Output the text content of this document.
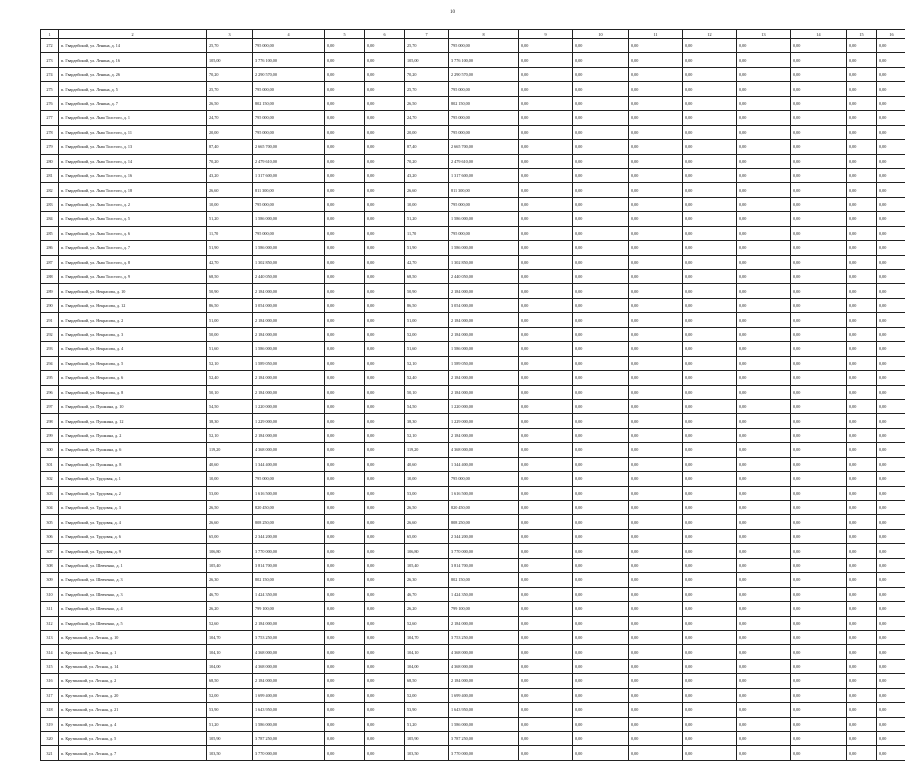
10
1	2	3	4	5	6	7	8	9	10	11	12	13	14	15	16
272	п. Гвардейский, ул. Ленина, д. 14	25,70	795 000,00	0,00	0,00	25,70	795 000,00	0,00	0,00	0,00	0,00	0,00	0,00	0,00	0,00
273	п. Гвардейский, ул. Ленина, д. 16	105,00	3 776 100,00	0,00	0,00	105,00	3 776 100,00	0,00	0,00	0,00	0,00	0,00	0,00	0,00	0,00
274	п. Гвардейский, ул. Ленина, д. 26	70,20	2 290 570,00	0,00	0,00	70,20	2 290 570,00	0,00	0,00	0,00	0,00	0,00	0,00	0,00	0,00
275	п. Гвардейский, ул. Ленина, д. 5	25,70	795 000,00	0,00	0,00	25,70	795 000,00	0,00	0,00	0,00	0,00	0,00	0,00	0,00	0,00
276	п. Гвардейский, ул. Ленина, д. 7	26,50	802 150,00	0,00	0,00	26,50	802 150,00	0,00	0,00	0,00	0,00	0,00	0,00	0,00	0,00
277	п. Гвардейский, ул. Льва Толстого, д. 1	24,70	795 000,00	0,00	0,00	24,70	795 000,00	0,00	0,00	0,00	0,00	0,00	0,00	0,00	0,00
278	п. Гвардейский, ул. Льва Толстого, д. 11	20,00	795 000,00	0,00	0,00	20,00	795 000,00	0,00	0,00	0,00	0,00	0,00	0,00	0,00	0,00
279	п. Гвардейский, ул. Льва Толстого, д. 13	87,40	2 665 700,00	0,00	0,00	87,40	2 665 700,00	0,00	0,00	0,00	0,00	0,00	0,00	0,00	0,00
280	п. Гвардейский, ул. Льва Толстого, д. 14	70,20	2 479 610,00	0,00	0,00	70,20	2 479 610,00	0,00	0,00	0,00	0,00	0,00	0,00	0,00	0,00
281	п. Гвардейский, ул. Льва Толстого, д. 16	43,20	1 317 600,00	0,00	0,00	43,20	1 317 600,00	0,00	0,00	0,00	0,00	0,00	0,00	0,00	0,00
282	п. Гвардейский, ул. Льва Толстого, д. 18	26,60	811 300,00	0,00	0,00	26,60	811 300,00	0,00	0,00	0,00	0,00	0,00	0,00	0,00	0,00
283	п. Гвардейский, ул. Льва Толстого, д. 2	10,00	795 000,00	0,00	0,00	10,00	795 000,00	0,00	0,00	0,00	0,00	0,00	0,00	0,00	0,00
284	п. Гвардейский, ул. Льва Толстого, д. 5	51,20	1 586 000,00	0,00	0,00	51,20	1 586 000,00	0,00	0,00	0,00	0,00	0,00	0,00	0,00	0,00
285	п. Гвардейский, ул. Льва Толстого, д. 6	11,70	795 000,00	0,00	0,00	11,70	795 000,00	0,00	0,00	0,00	0,00	0,00	0,00	0,00	0,00
286	п. Гвардейский, ул. Льва Толстого, д. 7	51,90	1 586 000,00	0,00	0,00	51,90	1 586 000,00	0,00	0,00	0,00	0,00	0,00	0,00	0,00	0,00
287	п. Гвардейский, ул. Льва Толстого, д. 8	42,70	1 302 850,00	0,00	0,00	42,70	1 302 850,00	0,00	0,00	0,00	0,00	0,00	0,00	0,00	0,00
288	п. Гвардейский, ул. Льва Толстого, д. 9	68,50	2 440 050,00	0,00	0,00	68,50	2 440 050,00	0,00	0,00	0,00	0,00	0,00	0,00	0,00	0,00
289	п. Гвардейский, ул. Некрасова, д. 10	50,90	2 184 000,00	0,00	0,00	50,90	2 184 000,00	0,00	0,00	0,00	0,00	0,00	0,00	0,00	0,00
290	п. Гвардейский, ул. Некрасова, д. 12	86,50	3 054 000,00	0,00	0,00	86,50	3 054 000,00	0,00	0,00	0,00	0,00	0,00	0,00	0,00	0,00
291	п. Гвардейский, ул. Некрасова, д. 2	51,00	2 184 000,00	0,00	0,00	51,00	2 184 000,00	0,00	0,00	0,00	0,00	0,00	0,00	0,00	0,00
292	п. Гвардейский, ул. Некрасова, д. 3	50,00	2 184 000,00	0,00	0,00	52,00	2 184 000,00	0,00	0,00	0,00	0,00	0,00	0,00	0,00	0,00
293	п. Гвардейский, ул. Некрасова, д. 4	51,60	1 586 000,00	0,00	0,00	51,60	1 586 000,00	0,00	0,00	0,00	0,00	0,00	0,00	0,00	0,00
294	п. Гвардейский, ул. Некрасова, д. 5	52,10	1 589 050,00	0,00	0,00	52,10	1 589 050,00	0,00	0,00	0,00	0,00	0,00	0,00	0,00	0,00
295	п. Гвардейский, ул. Некрасова, д. 6	52,40	2 184 000,00	0,00	0,00	52,40	2 184 000,00	0,00	0,00	0,00	0,00	0,00	0,00	0,00	0,00
296	п. Гвардейский, ул. Некрасова, д. 8	50,10	2 184 000,00	0,00	0,00	50,10	2 184 000,00	0,00	0,00	0,00	0,00	0,00	0,00	0,00	0,00
297	п. Гвардейский, ул. Пушкина, д. 10	54,50	1 220 000,00	0,00	0,00	54,50	1 220 000,00	0,00	0,00	0,00	0,00	0,00	0,00	0,00	0,00
298	п. Гвардейский, ул. Пушкина, д. 12	38,30	1 229 000,00	0,00	0,00	38,30	1 229 000,00	0,00	0,00	0,00	0,00	0,00	0,00	0,00	0,00
299	п. Гвардейский, ул. Пушкина, д. 2	52,10	2 184 000,00	0,00	0,00	52,10	2 184 000,00	0,00	0,00	0,00	0,00	0,00	0,00	0,00	0,00
300	п. Гвардейский, ул. Пушкина, д. 6	119,20	4 368 000,00	0,00	0,00	119,20	4 368 000,00	0,00	0,00	0,00	0,00	0,00	0,00	0,00	0,00
301	п. Гвардейский, ул. Пушкина, д. 8	40,60	1 344 400,00	0,00	0,00	40,60	1 344 400,00	0,00	0,00	0,00	0,00	0,00	0,00	0,00	0,00
302	п. Гвардейский, ул. Трудовая, д. 1	10,00	795 000,00	0,00	0,00	10,00	795 000,00	0,00	0,00	0,00	0,00	0,00	0,00	0,00	0,00
303	п. Гвардейский, ул. Трудовая, д. 2	53,00	1 616 500,00	0,00	0,00	53,00	1 616 500,00	0,00	0,00	0,00	0,00	0,00	0,00	0,00	0,00
304	п. Гвардейский, ул. Трудовая, д. 3	26,50	820 450,00	0,00	0,00	26,50	820 450,00	0,00	0,00	0,00	0,00	0,00	0,00	0,00	0,00
305	п. Гвардейский, ул. Трудовая, д. 4	26,60	808 250,00	0,00	0,00	26,60	808 250,00	0,00	0,00	0,00	0,00	0,00	0,00	0,00	0,00
306	п. Гвардейский, ул. Трудовая, д. 6	65,00	2 344 200,00	0,00	0,00	65,00	2 344 200,00	0,00	0,00	0,00	0,00	0,00	0,00	0,00	0,00
307	п. Гвардейский, ул. Трудовая, д. 9	106,80	3 770 000,00	0,00	0,00	106,80	3 770 000,00	0,00	0,00	0,00	0,00	0,00	0,00	0,00	0,00
308	п. Гвардейский, ул. Шевченко, д. 1	105,40	3 814 700,00	0,00	0,00	105,40	3 814 700,00	0,00	0,00	0,00	0,00	0,00	0,00	0,00	0,00
309	п. Гвардейский, ул. Шевченко, д. 3	26,30	802 150,00	0,00	0,00	26,30	802 150,00	0,00	0,00	0,00	0,00	0,00	0,00	0,00	0,00
310	п. Гвардейский, ул. Шевченко, д. 3	46,70	1 424 350,00	0,00	0,00	46,70	1 424 350,00	0,00	0,00	0,00	0,00	0,00	0,00	0,00	0,00
311	п. Гвардейский, ул. Шевченко, д. 4	26,20	799 100,00	0,00	0,00	26,20	799 100,00	0,00	0,00	0,00	0,00	0,00	0,00	0,00	0,00
312	п. Гвардейский, ул. Шевченко, д. 5	52,60	2 184 000,00	0,00	0,00	52,60	2 184 000,00	0,00	0,00	0,00	0,00	0,00	0,00	0,00	0,00
313	п. Крутинский, ул. Лесная, д. 10	104,70	3 753 250,00	0,00	0,00	104,70	3 753 250,00	0,00	0,00	0,00	0,00	0,00	0,00	0,00	0,00
314	п. Крутинский, ул. Лесная, д. 1	104,10	4 368 000,00	0,00	0,00	104,10	4 368 000,00	0,00	0,00	0,00	0,00	0,00	0,00	0,00	0,00
315	п. Крутинский, ул. Лесная, д. 14	104,00	4 368 000,00	0,00	0,00	104,00	4 368 000,00	0,00	0,00	0,00	0,00	0,00	0,00	0,00	0,00
316	п. Крутинский, ул. Лесная, д. 2	68,50	2 184 000,00	0,00	0,00	68,50	2 184 000,00	0,00	0,00	0,00	0,00	0,00	0,00	0,00	0,00
317	п. Крутинский, ул. Лесная, д. 20	52,00	1 699 400,00	0,00	0,00	52,00	1 699 400,00	0,00	0,00	0,00	0,00	0,00	0,00	0,00	0,00
318	п. Крутинский, ул. Лесная, д. 21	53,90	1 643 950,00	0,00	0,00	53,90	1 643 950,00	0,00	0,00	0,00	0,00	0,00	0,00	0,00	0,00
319	п. Крутинский, ул. Лесная, д. 4	51,20	1 586 000,00	0,00	0,00	51,20	1 586 000,00	0,00	0,00	0,00	0,00	0,00	0,00	0,00	0,00
320	п. Крутинский, ул. Лесная, д. 5	105,90	3 787 250,00	0,00	0,00	105,90	3 787 250,00	0,00	0,00	0,00	0,00	0,00	0,00	0,00	0,00
321	п. Крутинский, ул. Лесная, д. 7	103,50	3 770 000,00	0,00	0,00	103,50	3 770 000,00	0,00	0,00	0,00	0,00	0,00	0,00	0,00	0,00
